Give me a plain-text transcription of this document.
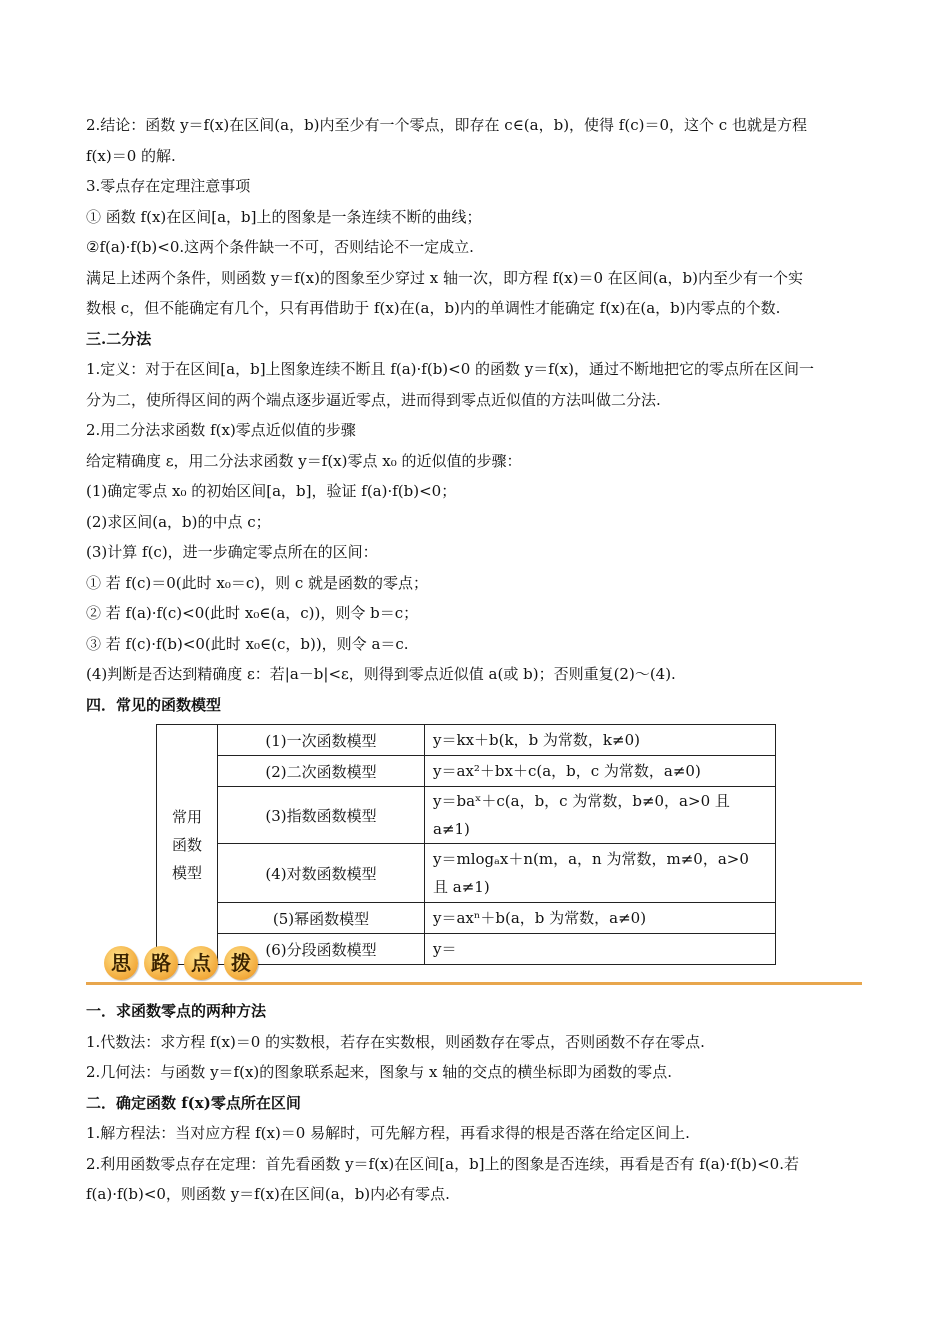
2.结论：函数 y＝f(x)在区间(a，b)内至少有一个零点，即存在 c∈(a，b)，使得 f(c)＝0，这个 c 也就是方程

f(x)＝0 的解.

3.零点存在定理注意事项

① 函数 f(x)在区间[a，b]上的图象是一条连续不断的曲线；

②f(a)·f(b)<0.这两个条件缺一不可，否则结论不一定成立.

满足上述两个条件，则函数 y＝f(x)的图象至少穿过 x 轴一次，即方程 f(x)＝0 在区间(a，b)内至少有一个实

数根 c，但不能确定有几个，只有再借助于 f(x)在(a，b)内的单调性才能确定 f(x)在(a，b)内零点的个数.

三.二分法

1.定义：对于在区间[a，b]上图象连续不断且 f(a)·f(b)<0 的函数 y＝f(x)，通过不断地把它的零点所在区间一

分为二，使所得区间的两个端点逐步逼近零点，进而得到零点近似值的方法叫做二分法.

2.用二分法求函数 f(x)零点近似值的步骤

给定精确度 ε，用二分法求函数 y＝f(x)零点 x₀ 的近似值的步骤：

(1)确定零点 x₀ 的初始区间[a，b]，验证 f(a)·f(b)<0；

(2)求区间(a，b)的中点 c；

(3)计算 f(c)，进一步确定零点所在的区间：

① 若 f(c)＝0(此时 x₀＝c)，则 c 就是函数的零点；

② 若 f(a)·f(c)<0(此时 x₀∈(a，c))，则令 b＝c；

③ 若 f(c)·f(b)<0(此时 x₀∈(c，b))，则令 a＝c.

(4)判断是否达到精确度 ε：若|a－b|<ε，则得到零点近似值 a(或 b)；否则重复(2)～(4).

四．常见的函数模型

常用
函数
模型	(1)一次函数模型	y＝kx＋b(k，b 为常数，k≠0)
	(2)二次函数模型	y＝ax²＋bx＋c(a，b，c 为常数，a≠0)
	(3)指数函数模型	y＝baˣ＋c(a，b，c 为常数，b≠0，a>0 且 a≠1)
	(4)对数函数模型	y＝mlogₐx＋n(m，a，n 为常数，m≠0，a>0 且 a≠1)
	(5)幂函数模型	y＝axⁿ＋b(a，b 为常数，a≠0)
	(6)分段函数模型	y＝
思	路	点	拨

一．求函数零点的两种方法

1.代数法：求方程 f(x)＝0 的实数根，若存在实数根，则函数存在零点，否则函数不存在零点.

2.几何法：与函数 y＝f(x)的图象联系起来，图象与 x 轴的交点的横坐标即为函数的零点.

二．确定函数 f(x)零点所在区间

1.解方程法：当对应方程 f(x)＝0 易解时，可先解方程，再看求得的根是否落在给定区间上.

2.利用函数零点存在定理：首先看函数 y＝f(x)在区间[a，b]上的图象是否连续，再看是否有 f(a)·f(b)<0.若

f(a)·f(b)<0，则函数 y＝f(x)在区间(a，b)内必有零点.
